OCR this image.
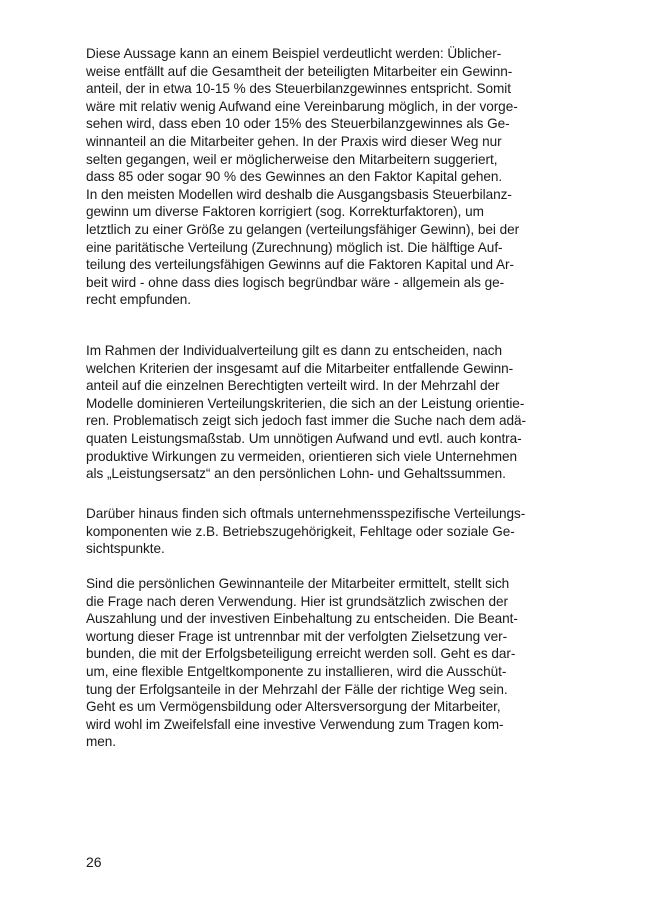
Diese Aussage kann an einem Beispiel verdeutlicht werden: Üblicher-
weise entfällt auf die Gesamtheit der beteiligten Mitarbeiter ein Gewinn-
anteil, der in etwa 10-15 % des Steuerbilanzgewinnes entspricht. Somit
wäre mit relativ wenig Aufwand eine Vereinbarung möglich, in der vorge-
sehen wird, dass eben 10 oder 15% des Steuerbilanzgewinnes als Ge-
winnanteil an die Mitarbeiter gehen. In der Praxis wird dieser Weg nur
selten gegangen, weil er möglicherweise den Mitarbeitern suggeriert,
dass 85 oder sogar 90 % des Gewinnes an den Faktor Kapital gehen.
In den meisten Modellen wird deshalb die Ausgangsbasis Steuerbilanz-
gewinn um diverse Faktoren korrigiert (sog. Korrekturfaktoren), um
letztlich zu einer Größe zu gelangen (verteilungsfähiger Gewinn), bei der
eine paritätische Verteilung (Zurechnung) möglich ist. Die hälftige Auf-
teilung des verteilungsfähigen Gewinns auf die Faktoren Kapital und Ar-
beit wird - ohne dass dies logisch begründbar wäre - allgemein als ge-
recht empfunden.

Im Rahmen der Individualverteilung gilt es dann zu entscheiden, nach
welchen Kriterien der insgesamt auf die Mitarbeiter entfallende Gewinn-
anteil auf die einzelnen Berechtigten verteilt wird. In der Mehrzahl der
Modelle dominieren Verteilungskriterien, die sich an der Leistung orientie-
ren. Problematisch zeigt sich jedoch fast immer die Suche nach dem adä-
quaten Leistungsmaßstab. Um unnötigen Aufwand und evtl. auch kontra-
produktive Wirkungen zu vermeiden, orientieren sich viele Unternehmen
als „Leistungsersatz“ an den persönlichen Lohn- und Gehaltssummen.

Darüber hinaus finden sich oftmals unternehmensspezifische Verteilungs-
komponenten wie z.B. Betriebszugehörigkeit, Fehltage oder soziale Ge-
sichtspunkte.

Sind die persönlichen Gewinnanteile der Mitarbeiter ermittelt, stellt sich
die Frage nach deren Verwendung. Hier ist grundsätzlich zwischen der
Auszahlung und der investiven Einbehaltung zu entscheiden. Die Beant-
wortung dieser Frage ist untrennbar mit der verfolgten Zielsetzung ver-
bunden, die mit der Erfolgsbeteiligung erreicht werden soll. Geht es dar-
um, eine flexible Entgeltkomponente zu installieren, wird die Ausschüt-
tung der Erfolgsanteile in der Mehrzahl der Fälle der richtige Weg sein.
Geht es um Vermögensbildung oder Altersversorgung der Mitarbeiter,
wird wohl im Zweifelsfall eine investive Verwendung zum Tragen kom-
men.

26
